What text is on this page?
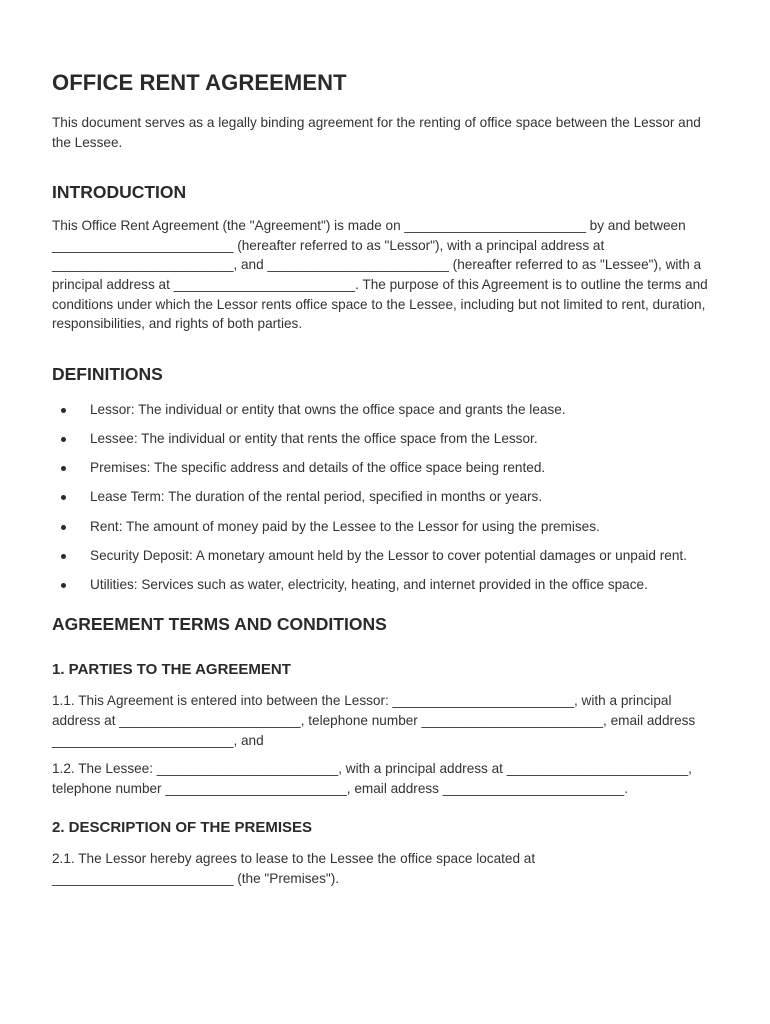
OFFICE RENT AGREEMENT

This document serves as a legally binding agreement for the renting of office space between the Lessor and the Lessee.

INTRODUCTION

This Office Rent Agreement (the "Agreement") is made on ________________________ by and between ________________________ (hereafter referred to as "Lessor"), with a principal address at ________________________, and ________________________ (hereafter referred to as "Lessee"), with a principal address at ________________________. The purpose of this Agreement is to outline the terms and conditions under which the Lessor rents office space to the Lessee, including but not limited to rent, duration, responsibilities, and rights of both parties.

DEFINITIONS
Lessor: The individual or entity that owns the office space and grants the lease.
Lessee: The individual or entity that rents the office space from the Lessor.
Premises: The specific address and details of the office space being rented.
Lease Term: The duration of the rental period, specified in months or years.
Rent: The amount of money paid by the Lessee to the Lessor for using the premises.
Security Deposit: A monetary amount held by the Lessor to cover potential damages or unpaid rent.
Utilities: Services such as water, electricity, heating, and internet provided in the office space.
AGREEMENT TERMS AND CONDITIONS
1. PARTIES TO THE AGREEMENT

1.1. This Agreement is entered into between the Lessor: ________________________, with a principal address at ________________________, telephone number ________________________, email address ________________________, and

1.2. The Lessee: ________________________, with a principal address at ________________________, telephone number ________________________, email address ________________________.

2. DESCRIPTION OF THE PREMISES

2.1. The Lessor hereby agrees to lease to the Lessee the office space located at ________________________ (the "Premises").
